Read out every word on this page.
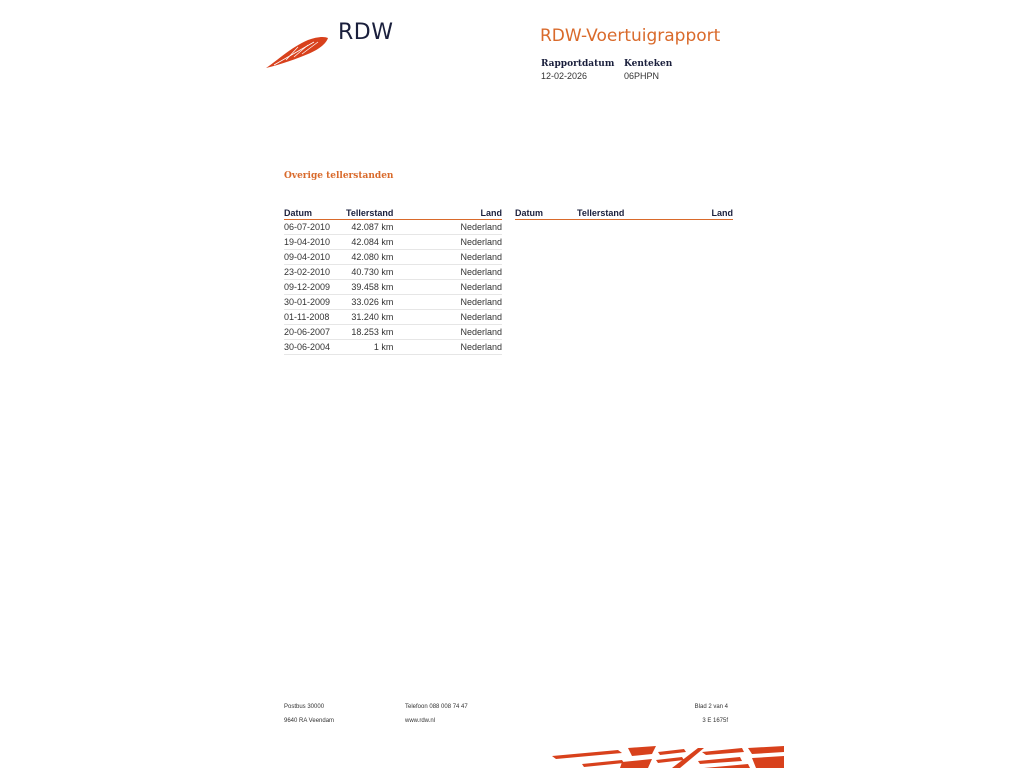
RDW	RDW-Voertuigrapport
Rapportdatum
12-02-2026
Kenteken
06PHPN
Overige tellerstanden
Datum	Tellerstand	Land
06-07-2010	42.087 km	Nederland
19-04-2010	42.084 km	Nederland
09-04-2010	42.080 km	Nederland
23-02-2010	40.730 km	Nederland
09-12-2009	39.458 km	Nederland
30-01-2009	33.026 km	Nederland
01-11-2008	31.240 km	Nederland
20-06-2007	18.253 km	Nederland
30-06-2004	1 km	Nederland
Datum	Tellerstand	Land
Postbus 30000
9640 RA Veendam
Telefoon 088 008 74 47
www.rdw.nl
Blad 2 van 4
3 E 1675f
